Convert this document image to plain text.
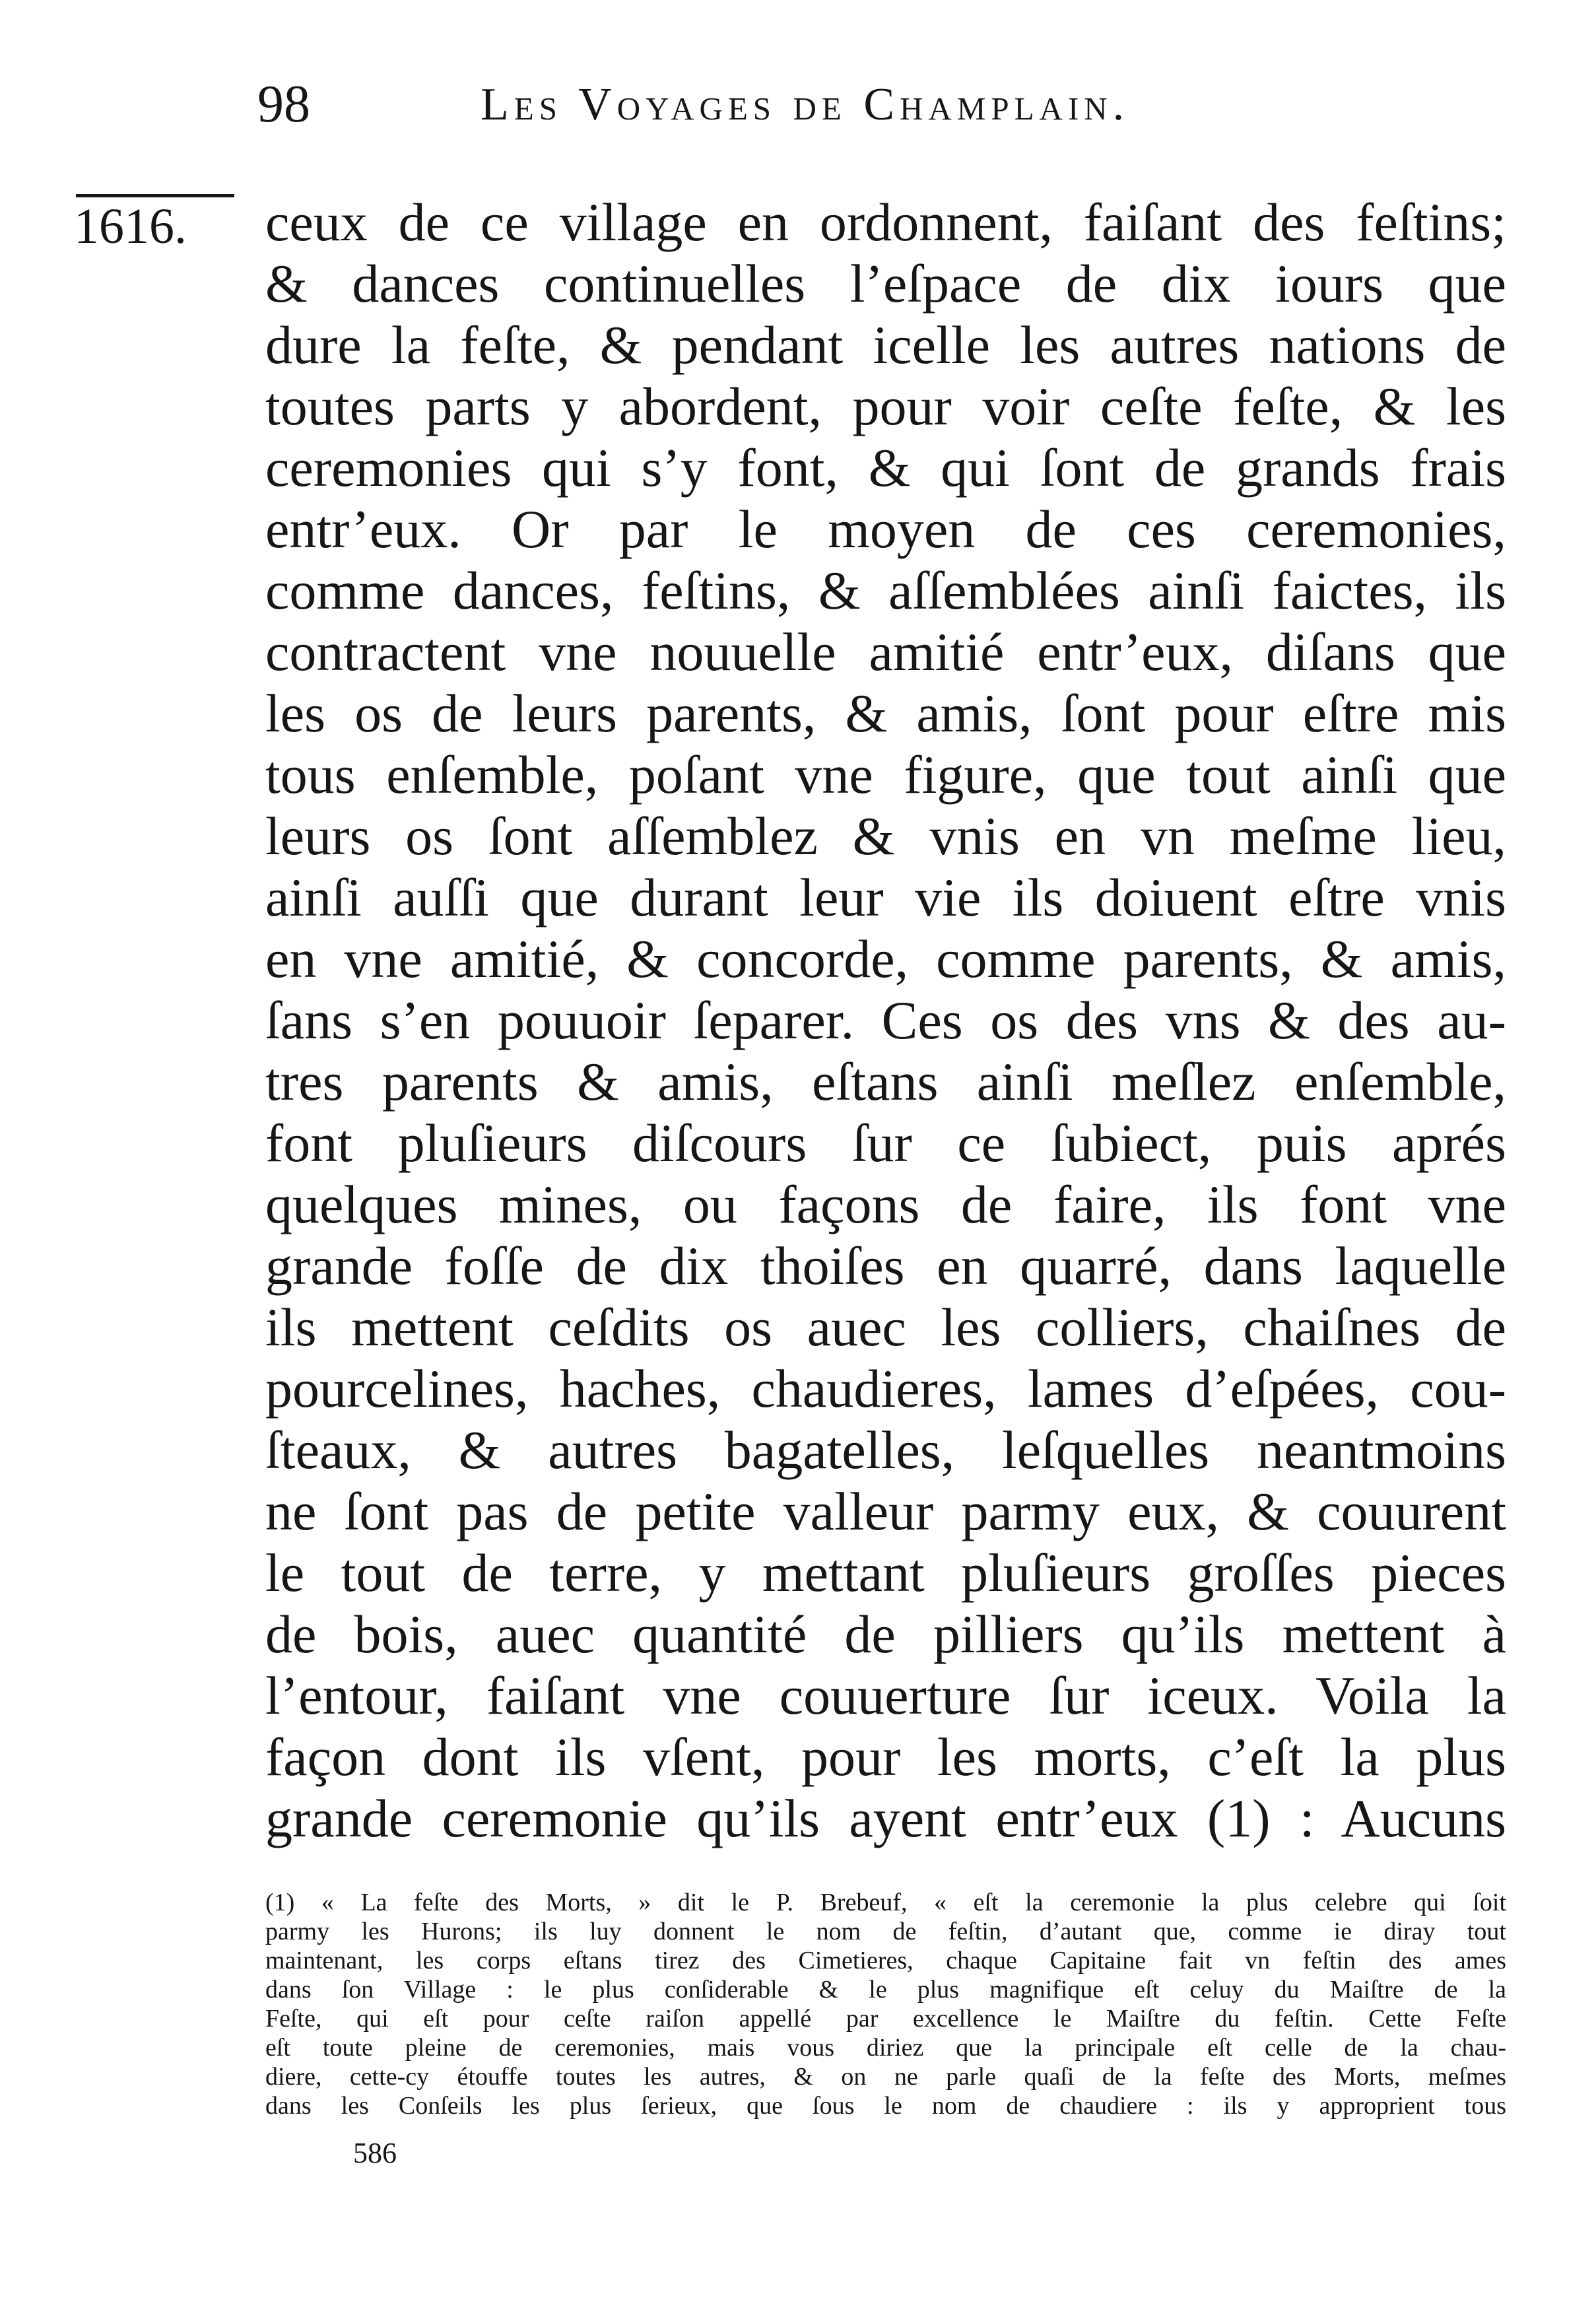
98	Les Voyages de Champlain.
1616. ceux de ce village en ordonnent, faiſant des feſtins;
& dances continuelles l’eſpace de dix iours que
dure la feſte, & pendant icelle les autres nations de
toutes parts y abordent, pour voir ceſte feſte, & les
ceremonies qui s’y font, & qui ſont de grands frais
entr’eux. Or par le moyen de ces ceremonies,
comme dances, feſtins, & aſſemblées ainſi faictes, ils
contractent vne nouuelle amitié entr’eux, diſans que
les os de leurs parents, & amis, ſont pour eſtre mis
tous enſemble, poſant vne figure, que tout ainſi que
leurs os ſont aſſemblez & vnis en vn meſme lieu,
ainſi auſſi que durant leur vie ils doiuent eſtre vnis
en vne amitié, & concorde, comme parents, & amis,
ſans s’en pouuoir ſeparer. Ces os des vns & des au-
tres parents & amis, eſtans ainſi meſlez enſemble,
font pluſieurs diſcours ſur ce ſubiect, puis aprés
quelques mines, ou façons de faire, ils font vne
grande foſſe de dix thoiſes en quarré, dans laquelle
ils mettent ceſdits os auec les colliers, chaiſnes de
pourcelines, haches, chaudieres, lames d’eſpées, cou-
ſteaux, & autres bagatelles, leſquelles neantmoins
ne ſont pas de petite valleur parmy eux, & couurent
le tout de terre, y mettant pluſieurs groſſes pieces
de bois, auec quantité de pilliers qu’ils mettent à
l’entour, faiſant vne couuerture ſur iceux. Voila la
façon dont ils vſent, pour les morts, c’eſt la plus
grande ceremonie qu’ils ayent entr’eux (1) : Aucuns
(1) « La feſte des Morts, » dit le P. Brebeuf, « eſt la ceremonie la plus celebre qui ſoit
parmy les Hurons; ils luy donnent le nom de feſtin, d’autant que, comme ie diray tout
maintenant, les corps eſtans tirez des Cimetieres, chaque Capitaine fait vn feſtin des ames
dans ſon Village : le plus conſiderable & le plus magnifique eſt celuy du Maiſtre de la
Feſte, qui eſt pour ceſte raiſon appellé par excellence le Maiſtre du feſtin. Cette Feſte
eſt toute pleine de ceremonies, mais vous diriez que la principale eſt celle de la chau-
diere, cette-cy étouffe toutes les autres, & on ne parle quaſi de la feſte des Morts, meſmes
dans les Conſeils les plus ſerieux, que ſous le nom de chaudiere : ils y approprient tous
586
